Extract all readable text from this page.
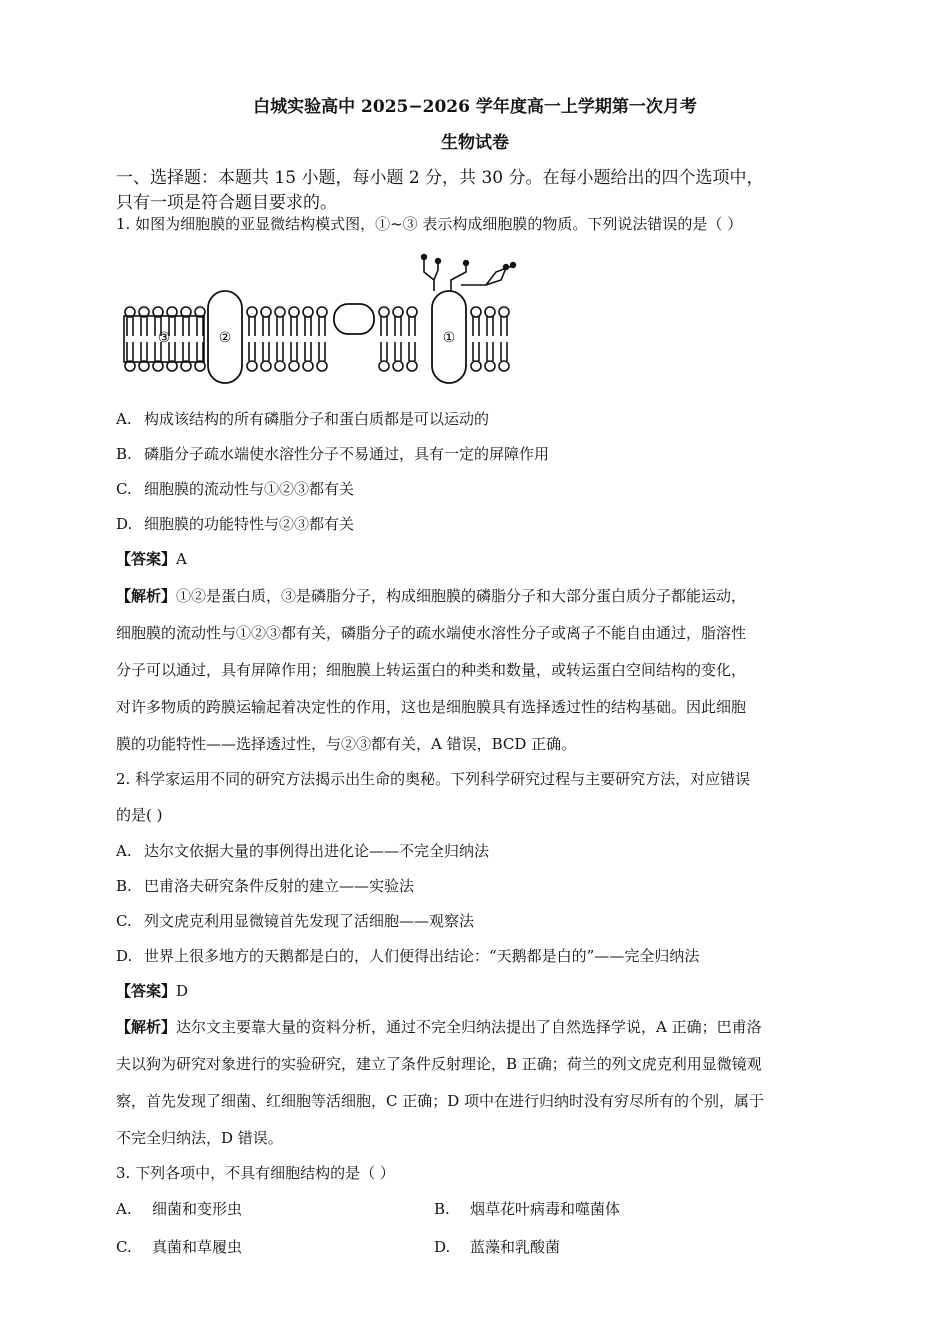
白城实验高中 2025−2026 学年度高一上学期第一次月考
生物试卷
一、选择题：本题共 15 小题，每小题 2 分，共 30 分。在每小题给出的四个选项中，
只有一项是符合题目要求的。
1. 如图为细胞膜的亚显微结构模式图，①~③ 表示构成细胞膜的物质。下列说法错误的是（ ）
③	②	①
A. 构成该结构的所有磷脂分子和蛋白质都是可以运动的
B. 磷脂分子疏水端使水溶性分子不易通过，具有一定的屏障作用
C. 细胞膜的流动性与①②③都有关
D. 细胞膜的功能特性与②③都有关
【答案】A
【解析】①②是蛋白质，③是磷脂分子，构成细胞膜的磷脂分子和大部分蛋白质分子都能运动，
细胞膜的流动性与①②③都有关，磷脂分子的疏水端使水溶性分子或离子不能自由通过，脂溶性
分子可以通过，具有屏障作用；细胞膜上转运蛋白的种类和数量，或转运蛋白空间结构的变化，
对许多物质的跨膜运输起着决定性的作用，这也是细胞膜具有选择透过性的结构基础。因此细胞
膜的功能特性——选择透过性，与②③都有关，A 错误，BCD 正确。
2. 科学家运用不同的研究方法揭示出生命的奥秘。下列科学研究过程与主要研究方法，对应错误
的是( )
A. 达尔文依据大量的事例得出进化论——不完全归纳法
B. 巴甫洛夫研究条件反射的建立——实验法
C. 列文虎克利用显微镜首先发现了活细胞——观察法
D. 世界上很多地方的天鹅都是白的，人们便得出结论：“天鹅都是白的”——完全归纳法
【答案】D
【解析】达尔文主要靠大量的资料分析，通过不完全归纳法提出了自然选择学说，A 正确；巴甫洛
夫以狗为研究对象进行的实验研究，建立了条件反射理论，B 正确；荷兰的列文虎克利用显微镜观
察，首先发现了细菌、红细胞等活细胞，C 正确；D 项中在进行归纳时没有穷尽所有的个别，属于
不完全归纳法，D 错误。
3. 下列各项中，不具有细胞结构的是（ ）
A. 细菌和变形虫	B. 烟草花叶病毒和噬菌体
C. 真菌和草履虫	D. 蓝藻和乳酸菌
